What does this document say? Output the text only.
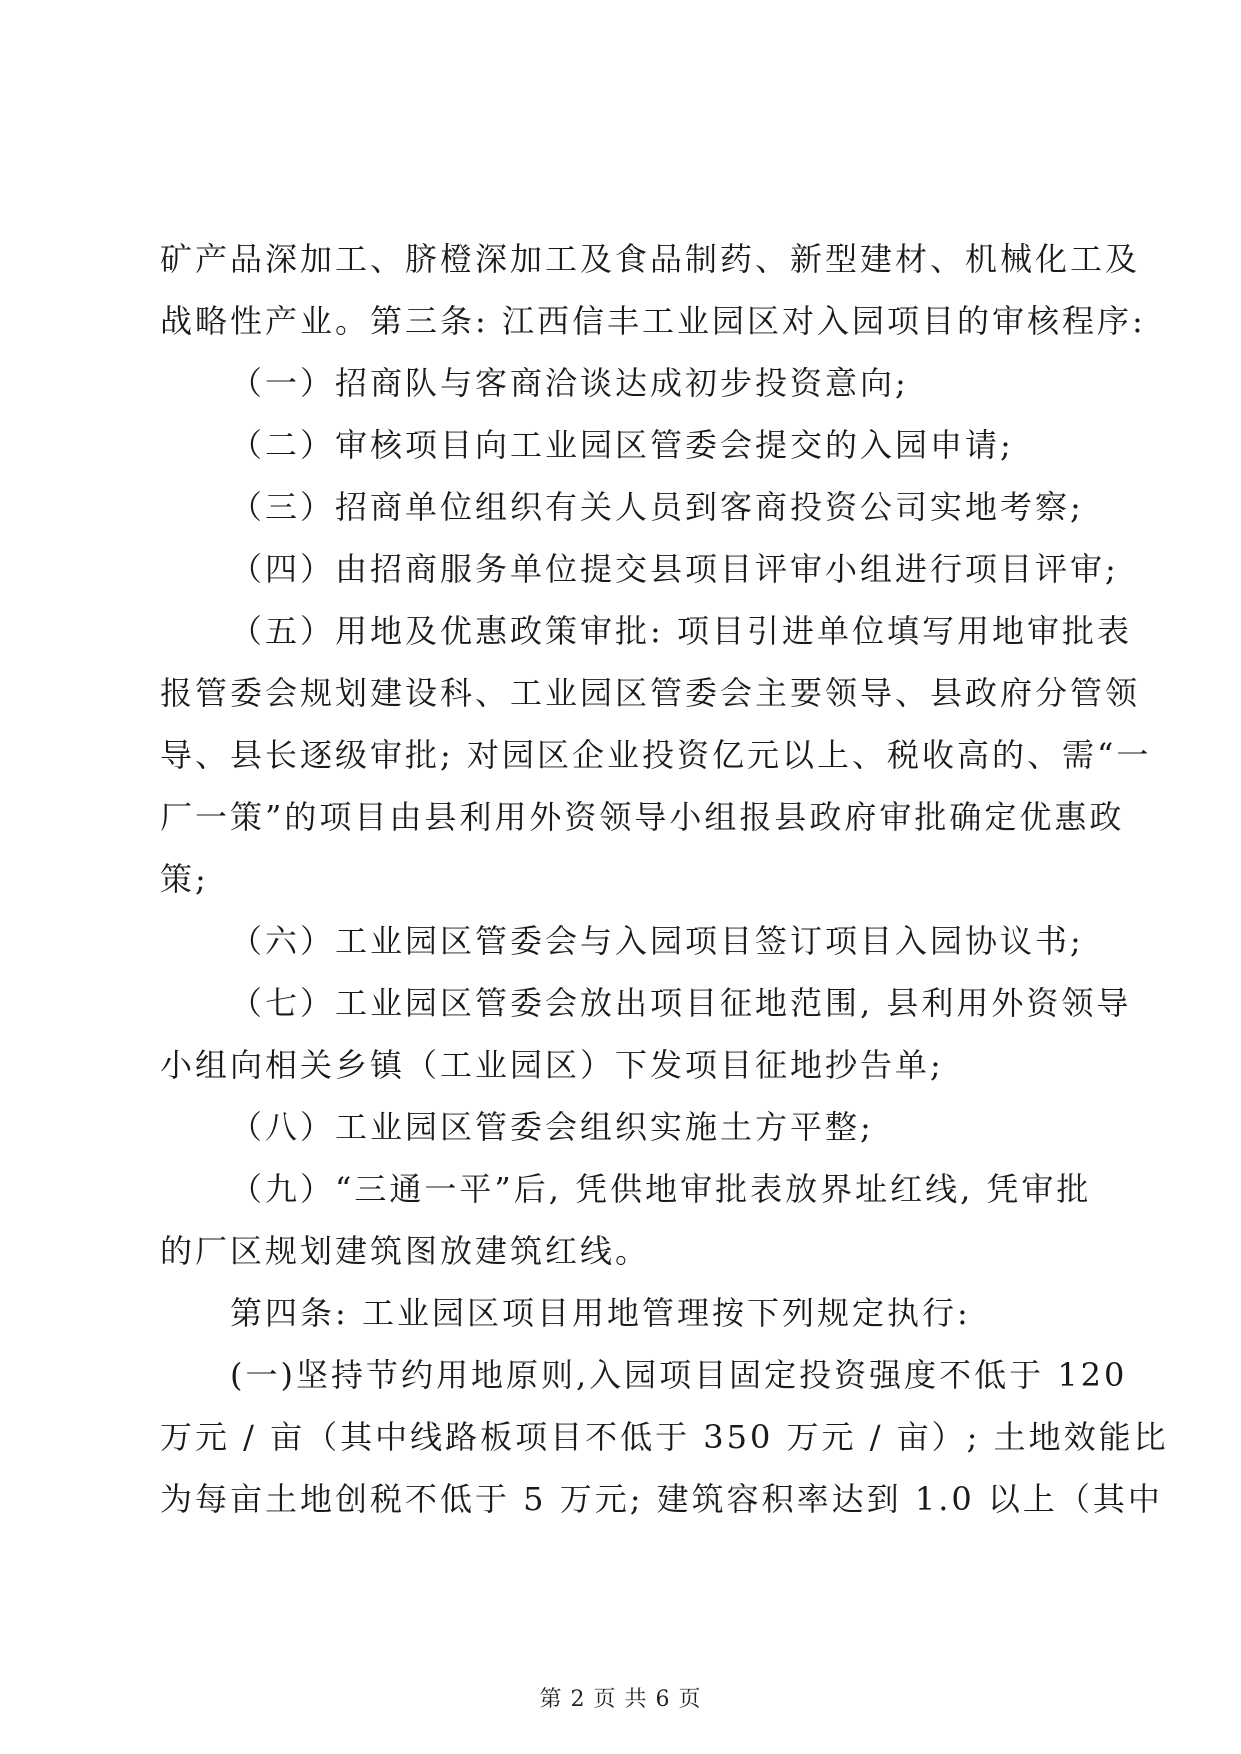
矿产品深加工、脐橙深加工及食品制药、新型建材、机械化工及
战略性产业。第三条: 江西信丰工业园区对入园项目的审核程序:
（一）招商队与客商洽谈达成初步投资意向;
（二）审核项目向工业园区管委会提交的入园申请;
（三）招商单位组织有关人员到客商投资公司实地考察;
（四）由招商服务单位提交县项目评审小组进行项目评审;
（五）用地及优惠政策审批: 项目引进单位填写用地审批表
报管委会规划建设科、工业园区管委会主要领导、县政府分管领
导、县长逐级审批; 对园区企业投资亿元以上、税收高的、需“一
厂一策”的项目由县利用外资领导小组报县政府审批确定优惠政
策;
（六）工业园区管委会与入园项目签订项目入园协议书;
（七）工业园区管委会放出项目征地范围, 县利用外资领导
小组向相关乡镇（工业园区）下发项目征地抄告单;
（八）工业园区管委会组织实施土方平整;
（九）“三通一平”后, 凭供地审批表放界址红线, 凭审批
的厂区规划建筑图放建筑红线。
第四条: 工业园区项目用地管理按下列规定执行:
(一)坚持节约用地原则,入园项目固定投资强度不低于 120
万元 / 亩（其中线路板项目不低于 350 万元 / 亩）; 土地效能比
为每亩土地创税不低于 5 万元; 建筑容积率达到 1.0 以上（其中
第 2 页 共 6 页
